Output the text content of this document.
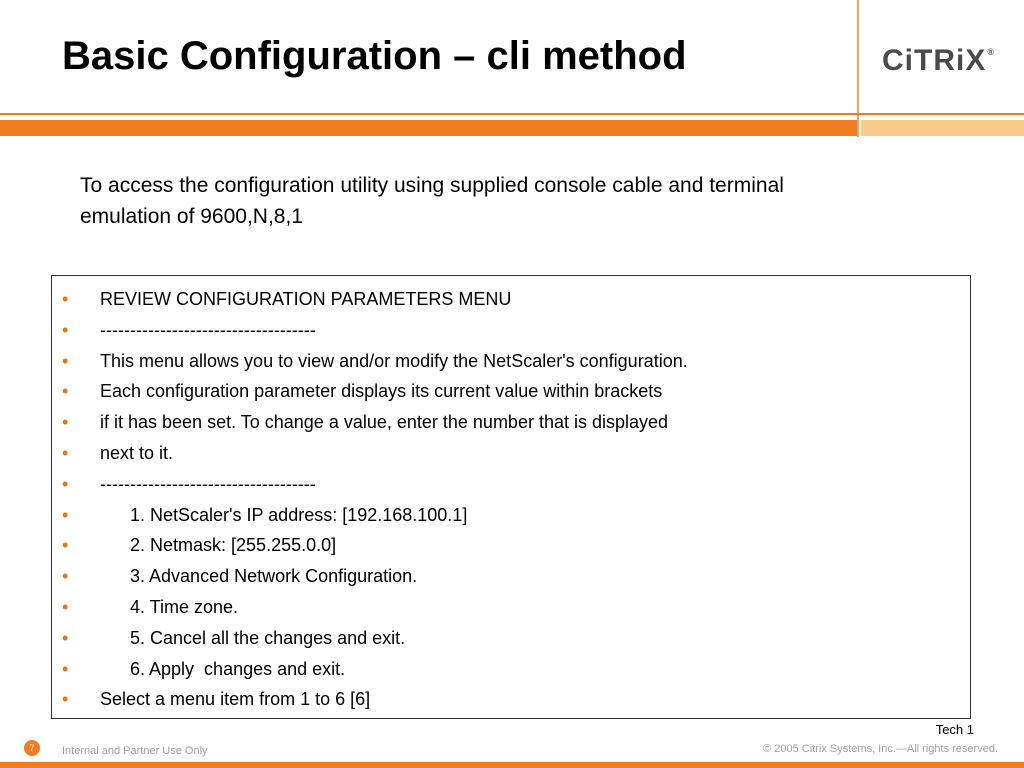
Basic Configuration – cli method	CiTRiX®
To access the configuration utility using supplied console cable and terminal emulation of 9600,N,8,1
• REVIEW CONFIGURATION PARAMETERS MENU
• ------------------------------------
• This menu allows you to view and/or modify the NetScaler's configuration.
• Each configuration parameter displays its current value within brackets
• if it has been set. To change a value, enter the number that is displayed
• next to it.
• ------------------------------------
• 1. NetScaler's IP address: [192.168.100.1]
• 2. Netmask: [255.255.0.0]
• 3. Advanced Network Configuration.
• 4. Time zone.
• 5. Cancel all the changes and exit.
• 6. Apply  changes and exit.
• Select a menu item from 1 to 6 [6]
Tech 1
7	Internal and Partner Use Only	© 2005 Citrix Systems, Inc.—All rights reserved.
